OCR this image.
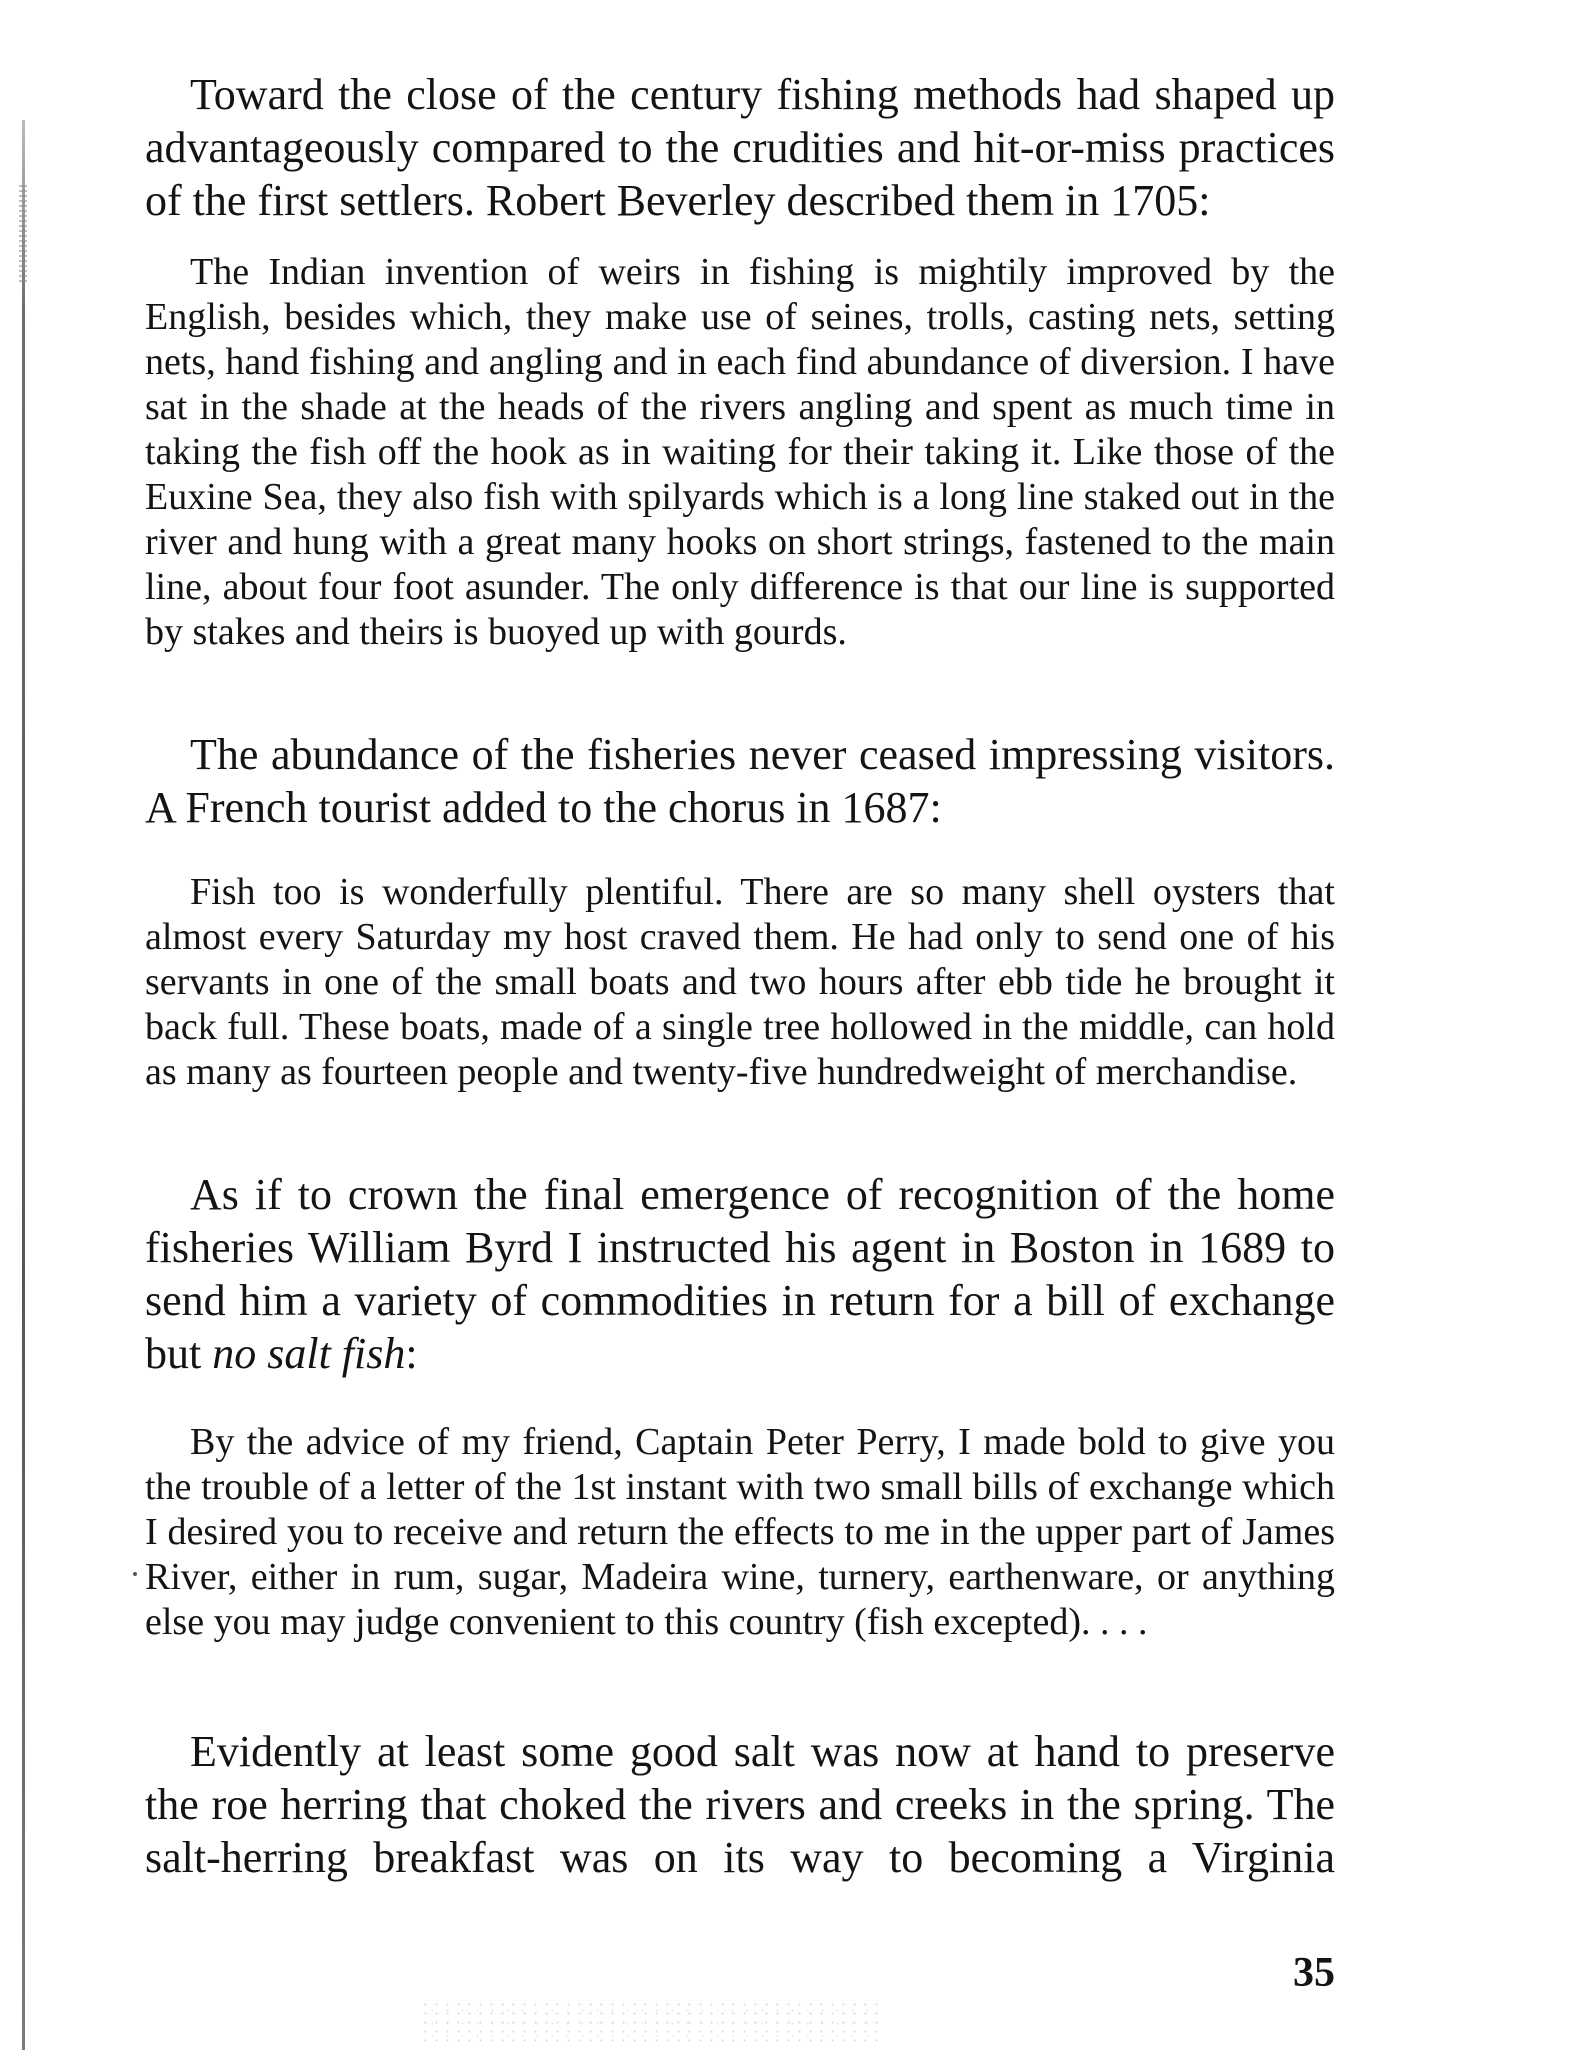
Toward the close of the century fishing methods had shaped up advantageously compared to the crudities and hit-or-miss practices of the first settlers. Robert Beverley described them in 1705:

The Indian invention of weirs in fishing is mightily improved by the English, besides which, they make use of seines, trolls, casting nets, setting nets, hand fishing and angling and in each find abundance of diversion. I have sat in the shade at the heads of the rivers angling and spent as much time in taking the fish off the hook as in waiting for their taking it. Like those of the Euxine Sea, they also fish with spilyards which is a long line staked out in the river and hung with a great many hooks on short strings, fastened to the main line, about four foot asunder. The only difference is that our line is supported by stakes and theirs is buoyed up with gourds.

The abundance of the fisheries never ceased impressing visitors. A French tourist added to the chorus in 1687:

Fish too is wonderfully plentiful. There are so many shell oysters that almost every Saturday my host craved them. He had only to send one of his servants in one of the small boats and two hours after ebb tide he brought it back full. These boats, made of a single tree hollowed in the middle, can hold as many as fourteen people and twenty-five hundredweight of merchandise.

As if to crown the final emergence of recognition of the home fisheries William Byrd I instructed his agent in Boston in 1689 to send him a variety of commodities in return for a bill of exchange but no salt fish:

By the advice of my friend, Captain Peter Perry, I made bold to give you the trouble of a letter of the 1st instant with two small bills of exchange which I desired you to receive and return the effects to me in the upper part of James River, either in rum, sugar, Madeira wine, turnery, earthenware, or anything else you may judge convenient to this country (fish excepted). . . .

Evidently at least some good salt was now at hand to preserve the roe herring that choked the rivers and creeks in the spring. The salt-herring breakfast was on its way to becoming a Virginia

35
